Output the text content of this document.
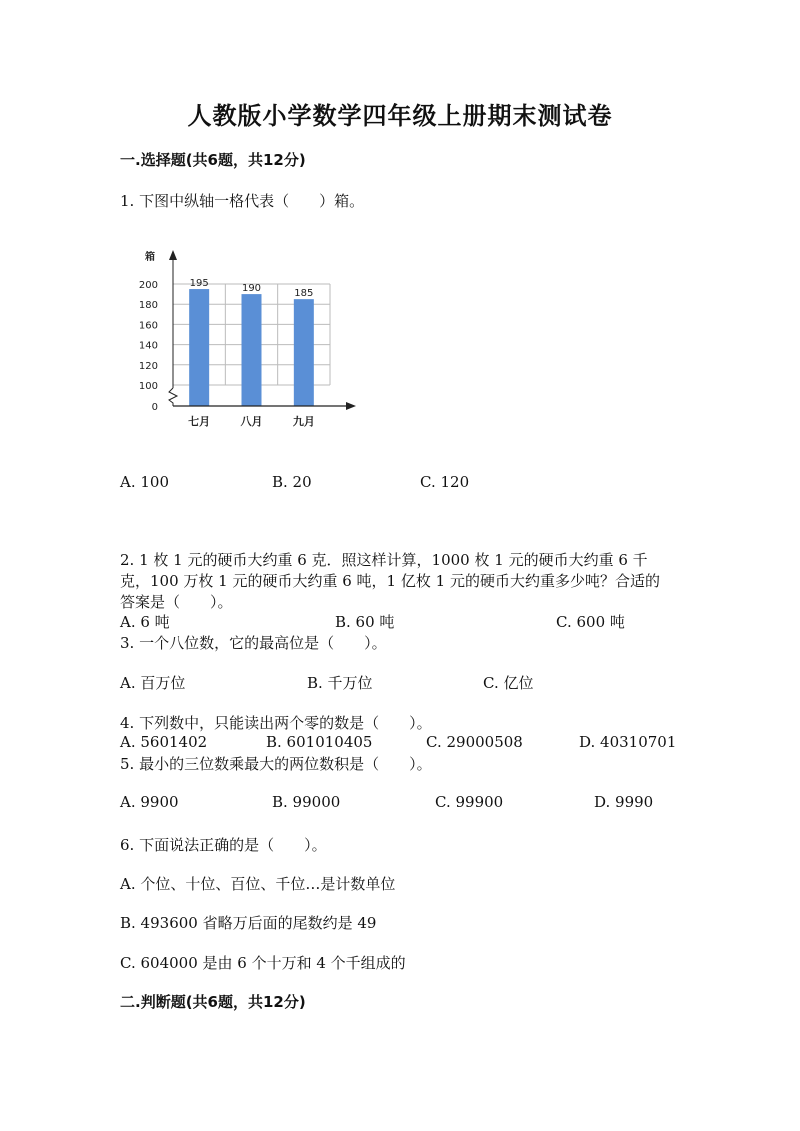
人教版小学数学四年级上册期末测试卷
一.选择题(共6题，共12分)
1. 下图中纵轴一格代表（　　）箱。
195
七月
190
八月
185
九月
0
100
120
140
160
180
200
箱
A. 100	B. 20	C. 120
2. 1 枚 1 元的硬币大约重 6 克．照这样计算，1000 枚 1 元的硬币大约重 6 千
克，100 万枚 1 元的硬币大约重 6 吨，1 亿枚 1 元的硬币大约重多少吨？合适的
答案是（　　）。
A. 6 吨	B. 60 吨	C. 600 吨
3. 一个八位数，它的最高位是（　　）。
A. 百万位	B. 千万位	C. 亿位
4. 下列数中，只能读出两个零的数是（　　）。
A. 5601402	B. 601010405	C. 29000508	D. 40310701
5. 最小的三位数乘最大的两位数积是（　　）。
A. 9900	B. 99000	C. 99900	D. 9990
6. 下面说法正确的是（　　）。
A. 个位、十位、百位、千位…是计数单位
B. 493600 省略万后面的尾数约是 49
C. 604000 是由 6 个十万和 4 个千组成的
二.判断题(共6题，共12分)
